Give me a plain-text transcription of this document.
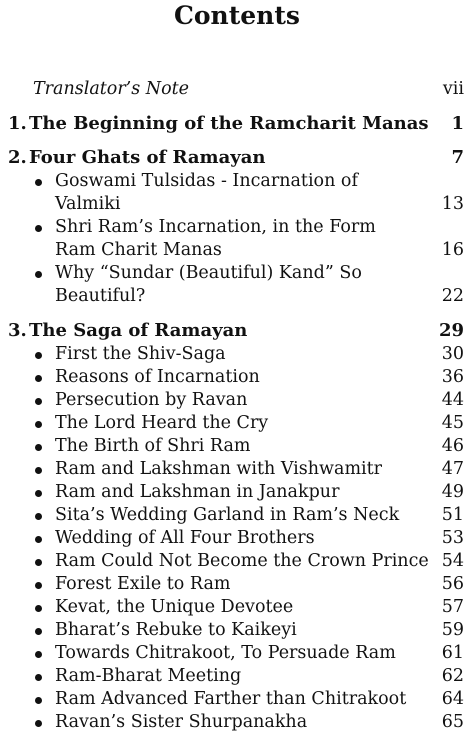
Contents
Translator’s Note	vii
1. The Beginning of the Ramcharit Manas 1
2. Four Ghats of Ramayan	7
Goswami Tulsidas - Incarnation of
Valmiki	13
Shri Ram’s Incarnation, in the Form
Ram Charit Manas	16
Why “Sundar (Beautiful) Kand” So
Beautiful?	22
3. The Saga of Ramayan	29
First the Shiv-Saga	30
Reasons of Incarnation	36
Persecution by Ravan	44
The Lord Heard the Cry	45
The Birth of Shri Ram	46
Ram and Lakshman with Vishwamitr	47
Ram and Lakshman in Janakpur	49
Sita’s Wedding Garland in Ram’s Neck 51
Wedding of All Four Brothers	53
Ram Could Not Become the Crown Prince 54
Forest Exile to Ram	56
Kevat, the Unique Devotee	57
Bharat’s Rebuke to Kaikeyi	59
Towards Chitrakoot, To Persuade Ram	61
Ram-Bharat Meeting	62
Ram Advanced Farther than Chitrakoot 64
Ravan’s Sister Shurpanakha	65
